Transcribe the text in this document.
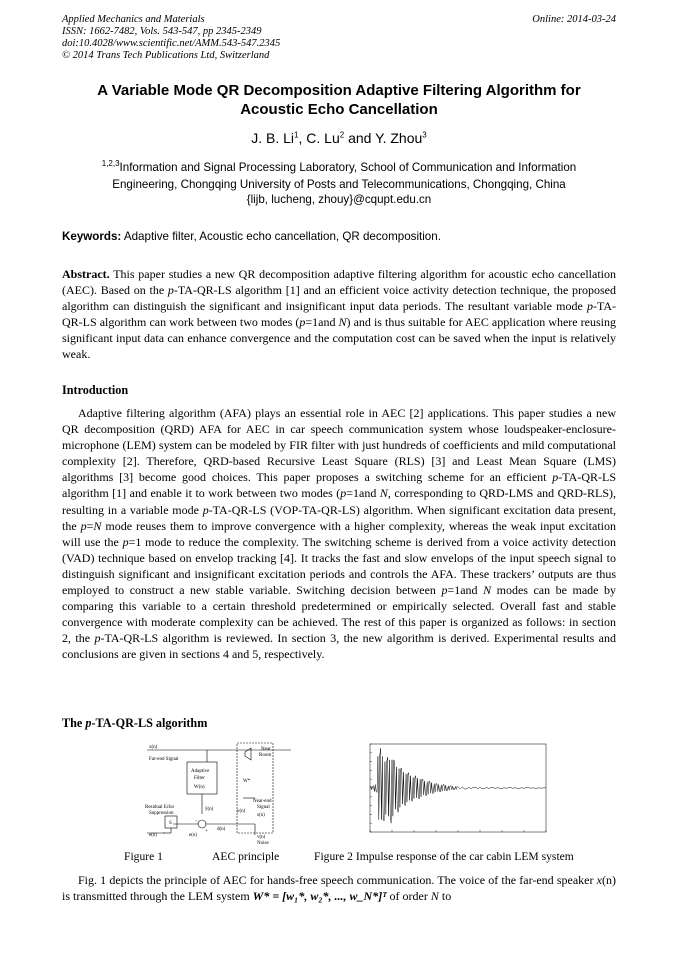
Applied Mechanics and Materials
ISSN: 1662-7482, Vols. 543-547, pp 2345-2349
doi:10.4028/www.scientific.net/AMM.543-547.2345
© 2014 Trans Tech Publications Ltd, Switzerland
Online: 2014-03-24
A Variable Mode QR Decomposition Adaptive Filtering Algorithm for
Acoustic Echo Cancellation
J. B. Li$^1$, C. Lu$^2$ and Y. Zhou$^3$
$^{1,2,3}$Information and Signal Processing Laboratory, School of Communication and Information
Engineering, Chongqing University of Posts and Telecommunications, Chongqing, China
{lijb, lucheng, zhouy}@cqupt.edu.cn
Keywords: Adaptive filter, Acoustic echo cancellation, QR decomposition.
Abstract. This paper studies a new QR decomposition adaptive filtering algorithm for acoustic echo cancellation (AEC). Based on the p-TA-QR-LS algorithm [1] and an efficient voice activity detection technique, the proposed algorithm can distinguish the significant and insignificant input data periods. The resultant variable mode p-TA-QR-LS algorithm can work between two modes (p=1and N) and is thus suitable for AEC application where reusing significant input data can enhance convergence and the computation cost can be saved when the input is relatively weak.
Introduction
Adaptive filtering algorithm (AFA) plays an essential role in AEC [2] applications. This paper studies a new QR decomposition (QRD) AFA for AEC in car speech communication system whose loudspeaker-enclosure-microphone (LEM) system can be modeled by FIR filter with just hundreds of coefficients and mild computational complexity [2]. Therefore, QRD-based Recursive Least Square (RLS) [3] and Least Mean Square (LMS) algorithms [3] become good choices. This paper proposes a switching scheme for an efficient p-TA-QR-LS algorithm [1] and enable it to work between two modes (p=1and N, corresponding to QRD-LMS and QRD-RLS), resulting in a variable mode p-TA-QR-LS (VOP-TA-QR-LS) algorithm. When significant excitation data present, the p=N mode reuses them to improve convergence with a higher complexity, whereas the weak input excitation will use the p=1 mode to reduce the complexity. The switching scheme is derived from a voice activity detection (VAD) technique based on envelop tracking [4]. It tracks the fast and slow envelops of the input speech signal to distinguish significant and insignificant excitation periods and controls the AFA. These trackers’ outputs are thus employed to construct a new stable variable. Switching decision between p=1and N modes can be made by comparing this variable to a certain threshold predetermined or empirically selected. Overall fast and stable convergence with moderate complexity can be achieved. The rest of this paper is organized as follows: in section 2, the p-TA-QR-LS algorithm is reviewed. In section 3, the new algorithm is derived. Experimental results and conclusions are given in sections 4 and 5, respectively.
The p-TA-QR-LS algorithm
x(n)
Far-end Signal
Adaptive
Filter
W(n)
Near
Room
W*
Near-end
Signal
y(n)
ŷ(n)
s(n)
Residual Echo
Suppression
S
e(n)	e(n)
d(n)
v(n)
Noise
−
+
Figure 1	AEC principle	Figure 2 Impulse response of the car cabin LEM system
Fig. 1 depicts the principle of AEC for hands-free speech communication. The voice of the far-end speaker x(n) is transmitted through the LEM system W* = [w₁*, w₂*, ..., w_N*]ᵀ of order N to
